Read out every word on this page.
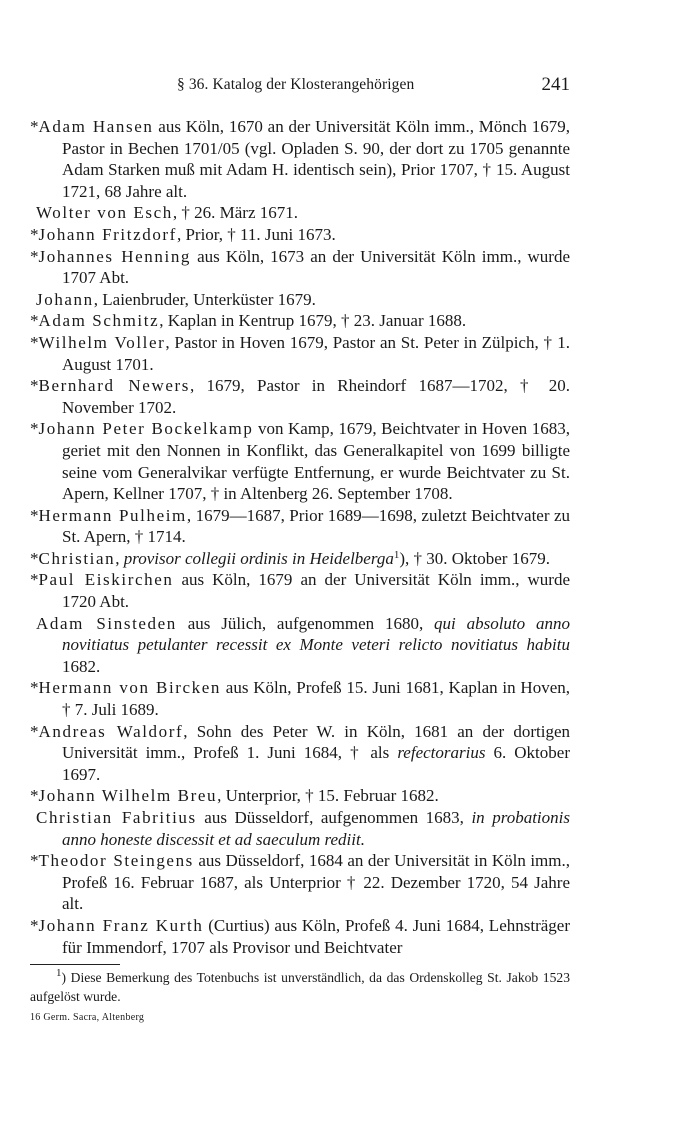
§ 36. Katalog der Klosterangehörigen	241

*Adam Hansen aus Köln, 1670 an der Universität Köln imm., Mönch 1679, Pastor in Bechen 1701/05 (vgl. Opladen S. 90, der dort zu 1705 genannte Adam Starken muß mit Adam H. identisch sein), Prior 1707, † 15. August 1721, 68 Jahre alt.

Wolter von Esch, † 26. März 1671.

*Johann Fritzdorf, Prior, † 11. Juni 1673.

*Johannes Henning aus Köln, 1673 an der Universität Köln imm., wurde 1707 Abt.

Johann, Laienbruder, Unterküster 1679.

*Adam Schmitz, Kaplan in Kentrup 1679, † 23. Januar 1688.

*Wilhelm Voller, Pastor in Hoven 1679, Pastor an St. Peter in Zülpich, † 1. August 1701.

*Bernhard Newers, 1679, Pastor in Rheindorf 1687—1702, † 20. November 1702.

*Johann Peter Bockelkamp von Kamp, 1679, Beichtvater in Hoven 1683, geriet mit den Nonnen in Konflikt, das Generalkapitel von 1699 billigte seine vom Generalvikar verfügte Entfernung, er wurde Beichtvater zu St. Apern, Kellner 1707, † in Altenberg 26. September 1708.

*Hermann Pulheim, 1679—1687, Prior 1689—1698, zuletzt Beichtvater zu St. Apern, † 1714.

*Christian, provisor collegii ordinis in Heidelberga$^1$), † 30. Oktober 1679.

*Paul Eiskirchen aus Köln, 1679 an der Universität Köln imm., wurde 1720 Abt.

Adam Sinsteden aus Jülich, aufgenommen 1680, qui absoluto anno novitiatus petulanter recessit ex Monte veteri relicto novitiatus habitu 1682.

*Hermann von Bircken aus Köln, Profeß 15. Juni 1681, Kaplan in Hoven, † 7. Juli 1689.

*Andreas Waldorf, Sohn des Peter W. in Köln, 1681 an der dortigen Universität imm., Profeß 1. Juni 1684, † als refectorarius 6. Oktober 1697.

*Johann Wilhelm Breu, Unterprior, † 15. Februar 1682.

Christian Fabritius aus Düsseldorf, aufgenommen 1683, in probationis anno honeste discessit et ad saeculum rediit.

*Theodor Steingens aus Düsseldorf, 1684 an der Universität in Köln imm., Profeß 16. Februar 1687, als Unterprior † 22. Dezember 1720, 54 Jahre alt.

*Johann Franz Kurth (Curtius) aus Köln, Profeß 4. Juni 1684, Lehnsträger für Immendorf, 1707 als Provisor und Beichtvater

$^1$) Diese Bemerkung des Totenbuchs ist unverständlich, da das Ordenskolleg St. Jakob 1523 aufgelöst wurde.

16 Germ. Sacra, Altenberg
